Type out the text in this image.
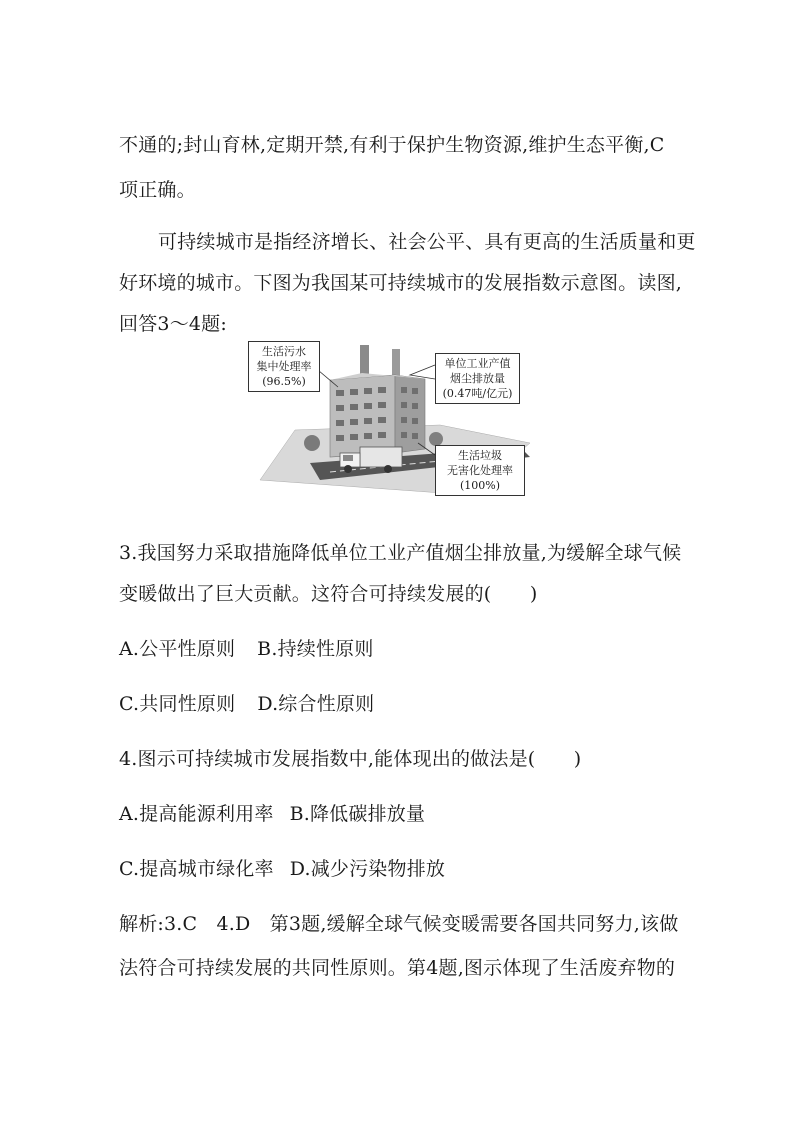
不通的;封山育林,定期开禁,有利于保护生物资源,维护生态平衡,C
项正确。
可持续城市是指经济增长、社会公平、具有更高的生活质量和更
好环境的城市。下图为我国某可持续城市的发展指数示意图。读图,
回答3～4题:
生活污水
集中处理率
(96.5%)
单位工业产值
烟尘排放量
(0.47吨/亿元)
生活垃圾
无害化处理率
(100%)
3.我国努力采取措施降低单位工业产值烟尘排放量,为缓解全球气候
变暖做出了巨大贡献。这符合可持续发展的(　　)
A.公平性原则 B.持续性原则
C.共同性原则 D.综合性原则
4.图示可持续城市发展指数中,能体现出的做法是(　　)
A.提高能源利用率 B.降低碳排放量
C.提高城市绿化率 D.减少污染物排放
解析:3.C　4.D　第3题,缓解全球气候变暖需要各国共同努力,该做
法符合可持续发展的共同性原则。第4题,图示体现了生活废弃物的
